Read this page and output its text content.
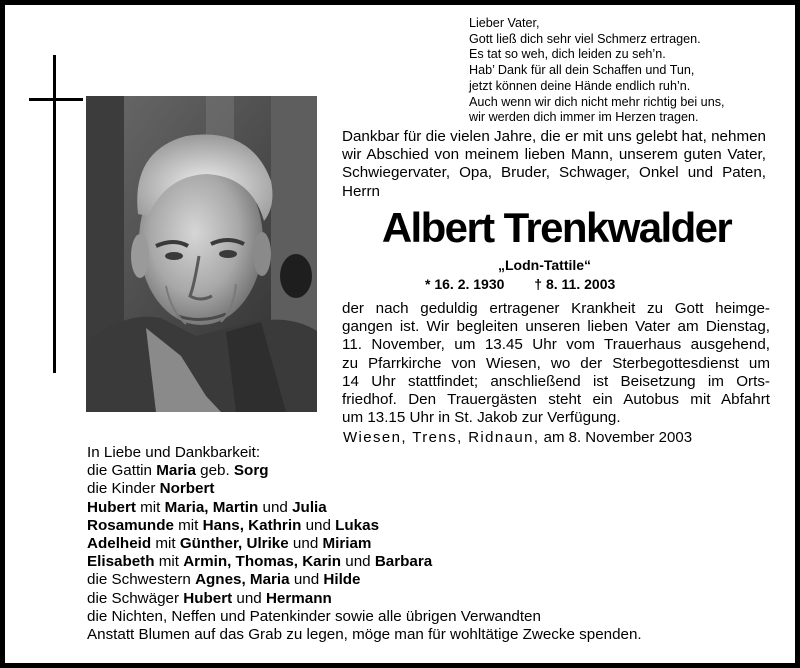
Lieber Vater,
Gott ließ dich sehr viel Schmerz ertragen.
Es tat so weh, dich leiden zu seh’n.
Hab’ Dank für all dein Schaffen und Tun,
jetzt können deine Hände endlich ruh’n.
Auch wenn wir dich nicht mehr richtig bei uns,
wir werden dich immer im Herzen tragen.
Dankbar für die vielen Jahre, die er mit uns gelebt hat, nehmen wir Abschied von meinem lieben Mann, unserem guten Vater, Schwiegervater, Opa, Bruder, Schwager, Onkel und Paten, Herrn
Albert Trenkwalder
„Lodn-Tattile“
* 16. 2. 1930 † 8. 11. 2003
der nach geduldig ertragener Krankheit zu Gott heimge-
gangen ist. Wir begleiten unseren lieben Vater am Dienstag,
11. November, um 13.45 Uhr vom Trauerhaus ausgehend,
zu Pfarrkirche von Wiesen, wo der Sterbegottesdienst um
14 Uhr stattfindet; anschließend ist Beisetzung im Orts-
friedhof. Den Trauergästen steht ein Autobus mit Abfahrt
um 13.15 Uhr in St. Jakob zur Verfügung.
Wiesen, Trens, Ridnaun, am 8. November 2003
In Liebe und Dankbarkeit:
die Gattin Maria geb. Sorg
die Kinder Norbert
Hubert mit Maria, Martin und Julia
Rosamunde mit Hans, Kathrin und Lukas
Adelheid mit Günther, Ulrike und Miriam
Elisabeth mit Armin, Thomas, Karin und Barbara
die Schwestern Agnes, Maria und Hilde
die Schwäger Hubert und Hermann
die Nichten, Neffen und Patenkinder sowie alle übrigen Verwandten
Anstatt Blumen auf das Grab zu legen, möge man für wohltätige Zwecke spenden.
